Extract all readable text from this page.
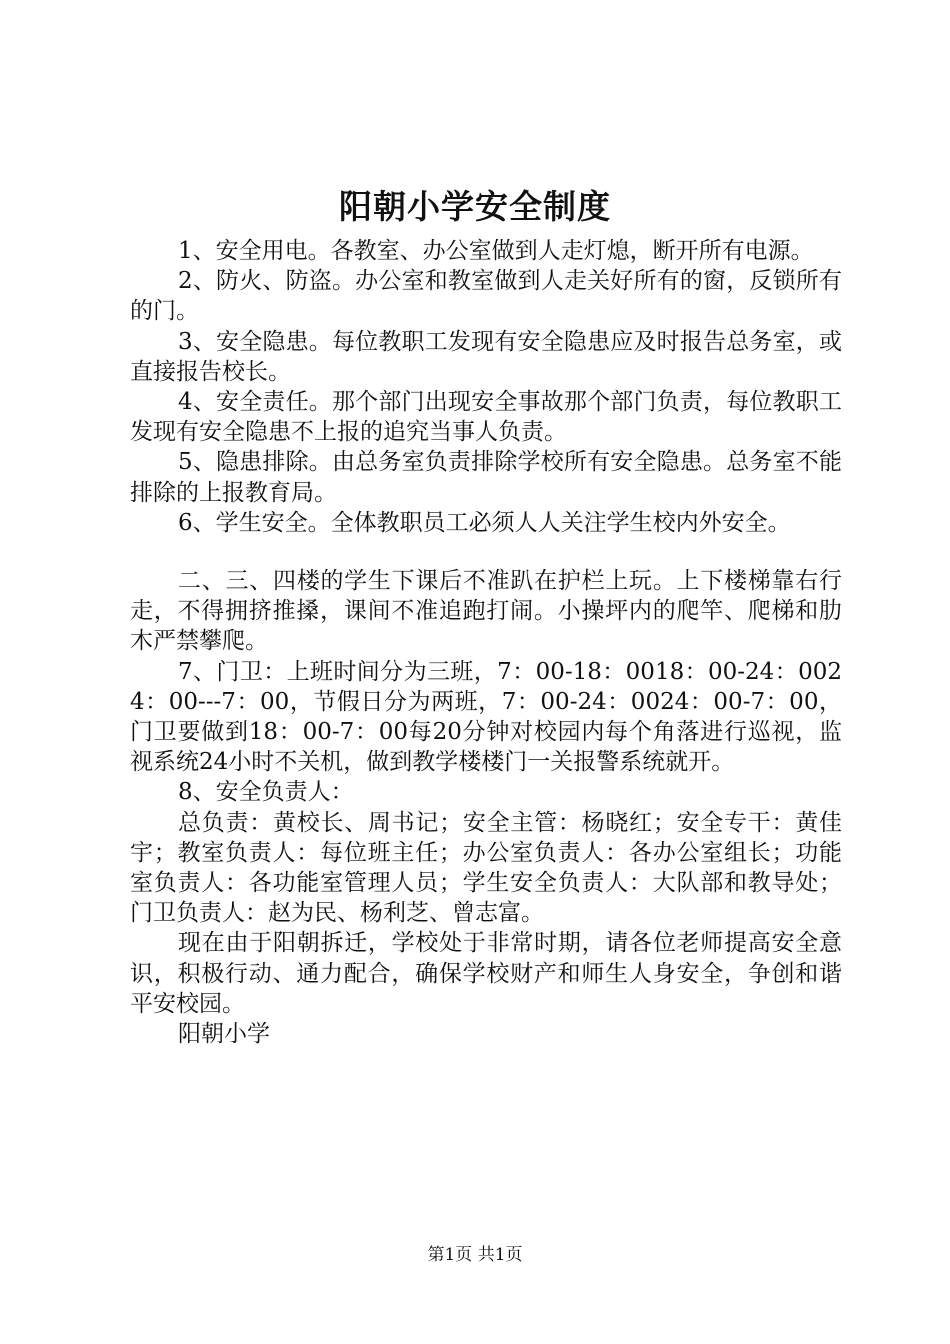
阳朝小学安全制度

1、安全用电。各教室、办公室做到人走灯熄，断开所有电源。

2、防火、防盗。办公室和教室做到人走关好所有的窗，反锁所有的门。

3、安全隐患。每位教职工发现有安全隐患应及时报告总务室，或直接报告校长。

4、安全责任。那个部门出现安全事故那个部门负责，每位教职工发现有安全隐患不上报的追究当事人负责。

5、隐患排除。由总务室负责排除学校所有安全隐患。总务室不能排除的上报教育局。

6、学生安全。全体教职员工必须人人关注学生校内外安全。

二、三、四楼的学生下课后不准趴在护栏上玩。上下楼梯靠右行走，不得拥挤推搡，课间不准追跑打闹。小操坪内的爬竿、爬梯和肋木严禁攀爬。

7、门卫：上班时间分为三班，7：00-18：0018：00-24：0024：00---7：00，节假日分为两班，7：00-24：0024：00-7：00，门卫要做到18：00-7：00每20分钟对校园内每个角落进行巡视，监视系统24小时不关机，做到教学楼楼门一关报警系统就开。

8、安全负责人：

总负责：黄校长、周书记；安全主管：杨晓红；安全专干：黄佳宇；教室负责人：每位班主任；办公室负责人：各办公室组长；功能室负责人：各功能室管理人员；学生安全负责人：大队部和教导处；门卫负责人：赵为民、杨利芝、曾志富。

现在由于阳朝拆迁，学校处于非常时期，请各位老师提高安全意识，积极行动、通力配合，确保学校财产和师生人身安全，争创和谐平安校园。

阳朝小学

第1页 共1页
